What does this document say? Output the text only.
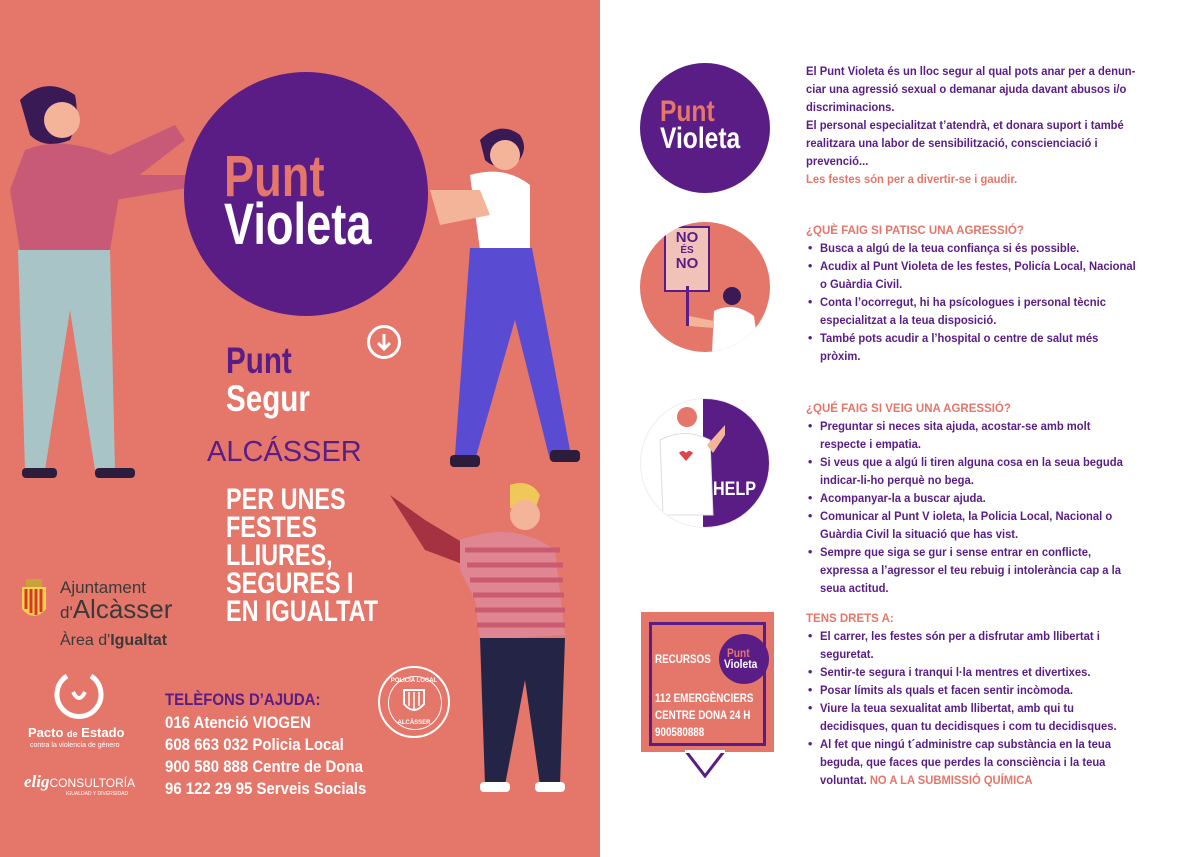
Punt
Violeta
Punt
Segur
ALCÁSSER
PER UNES
FESTES
LLIURES,
SEGURES I
EN IGUALTAT
Ajuntament
d'Alcàsser
Àrea d'Igualtat
Pacto de Estado
contra la violencia de género
eligCONSULTORÍA
IGUALDAD Y DIVERSIDAD
TELÈFONS D’AJUDA:
016 Atenció VIOGEN
608 663 032 Policia Local
900 580 888 Centre de Dona
96 122 29 95 Serveis Socials
POLICIA LOCAL
ALCÀSSER
Punt
Violeta
El Punt Violeta és un lloc segur al qual pots anar per a denun-
ciar una agressió sexual o demanar ajuda davant abusos i/o
discriminacions.
El personal especialitzat t’atendrà, et donara suport i també
realitzara una labor de sensibilització, conscienciació i
prevenció...
Les festes són per a divertir-se i gaudir.
NO
ÉS
NO
¿QUÈ FAIG SI PATISC UNA AGRESSIÓ?
• Busca a algú de la teua confiança si és possible.
• Acudix al Punt Violeta de les festes, Policía Local, Nacional
o Guàrdia Civil.
• Conta l’ocorregut, hi ha psícologues i personal tècnic
especialitzat a la teua disposició.
• També pots acudir a l’hospital o centre de salut més
pròxim.
HELP
¿QUÉ FAIG SI VEIG UNA AGRESSIÓ?
• Preguntar si neces sita ajuda, acostar-se amb molt
respecte i empatia.
• Si veus que a algú li tiren alguna cosa en la seua beguda
indicar-li-ho perquè no bega.
• Acompanyar-la a buscar ajuda.
• Comunicar al Punt V ioleta, la Policia Local, Nacional o
Guàrdia Civil la situació que has vist.
• Sempre que siga se gur i sense entrar en conflicte,
expressa a l’agressor el teu rebuig i intolerància cap a la
seua actitud.
RECURSOS Punt
Violeta
112 EMERGÈNCIERS
CENTRE DONA 24 H
900580888
TENS DRETS A:
• El carrer, les festes són per a disfrutar amb llibertat i
seguretat.
• Sentir-te segura i tranqui l·la mentres et divertixes.
• Posar límits als quals et facen sentir incòmoda.
• Viure la teua sexualitat amb llibertat, amb qui tu
decidisques, quan tu decidisques i com tu decidisques.
• Al fet que ningú t´administre cap substància en la teua
beguda, que faces que perdes la consciència i la teua
voluntat. NO A LA SUBMISSIÓ QUÍMICA
